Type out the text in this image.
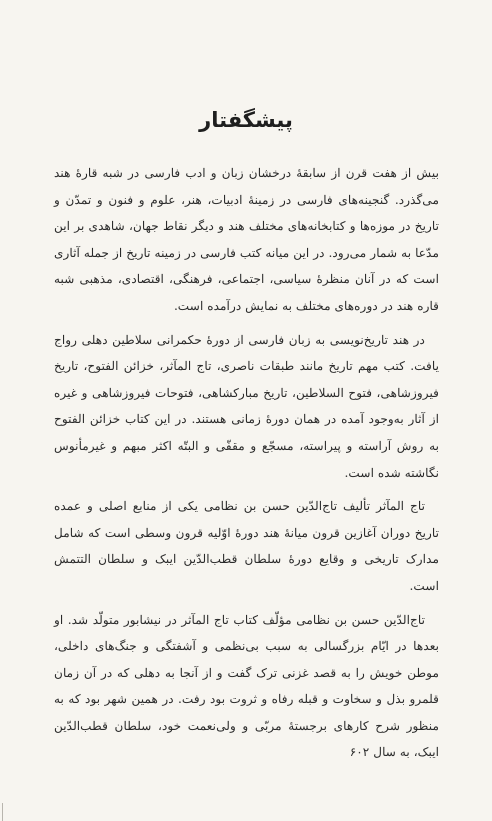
پیشگفتار

بیش از هفت قرن از سابقهٔ درخشان زبان و ادب فارسی در شبه قارهٔ هند می‌گذرد. گنجینه‌های فارسی در زمینهٔ ادبیات، هنر، علوم و فنون و تمدّن و تاریخ در موزه‌ها و کتابخانه‌های مختلف هند و دیگر نقاط جهان، شاهدی بر این مدّعا به شمار می‌رود. در این میانه کتب فارسی در زمینه تاریخ از جمله آثاری است که در آنان منظرهٔ سیاسی، اجتماعی، فرهنگی، اقتصادی، مذهبی شبه قاره هند در دوره‌های مختلف به نمایش درآمده است.

در هند تاریخ‌نویسی به زبان فارسی از دورهٔ حکمرانی سلاطین دهلی رواج یافت. کتب مهم تاریخ مانند طبقات ناصری، تاج المآثر، خزائن الفتوح، تاریخ فیروزشاهی، فتوح السلاطین، تاریخ مبارکشاهی، فتوحات فیروزشاهی و غیره از آثار به‌وجود آمده در همان دورهٔ زمانی هستند. در این کتاب خزائن الفتوح به روش آراسته و پیراسته، مسجّع و مقفّی و البتّه اکثر مبهم و غیرمأنوس نگاشته شده است.

تاج المآثر تألیف تاج‌الدّین حسن بن نظامی یکی از منابع اصلی و عمده تاریخ دوران آغازین قرون میانهٔ هند دورهٔ اوّلیه قرون وسطی است که شامل مدارک تاریخی و وقایع دورهٔ سلطان قطب‌الدّین ایبک و سلطان التتمش است.

تاج‌الدّین حسن بن نظامی مؤلّف کتاب تاج المآثر در نیشابور متولّد شد. او بعدها در ایّام بزرگسالی به سبب بی‌نظمی و آشفتگی و جنگ‌های داخلی، موطن خویش را به قصد غزنی ترک گفت و از آنجا به دهلی که در آن زمان قلمرو بذل و سخاوت و قبله رفاه و ثروت بود رفت. در همین شهر بود که به منظور شرح کارهای برجستهٔ مربّی و ولی‌نعمت خود، سلطان قطب‌الدّین ایبک، به سال ۶۰۲
